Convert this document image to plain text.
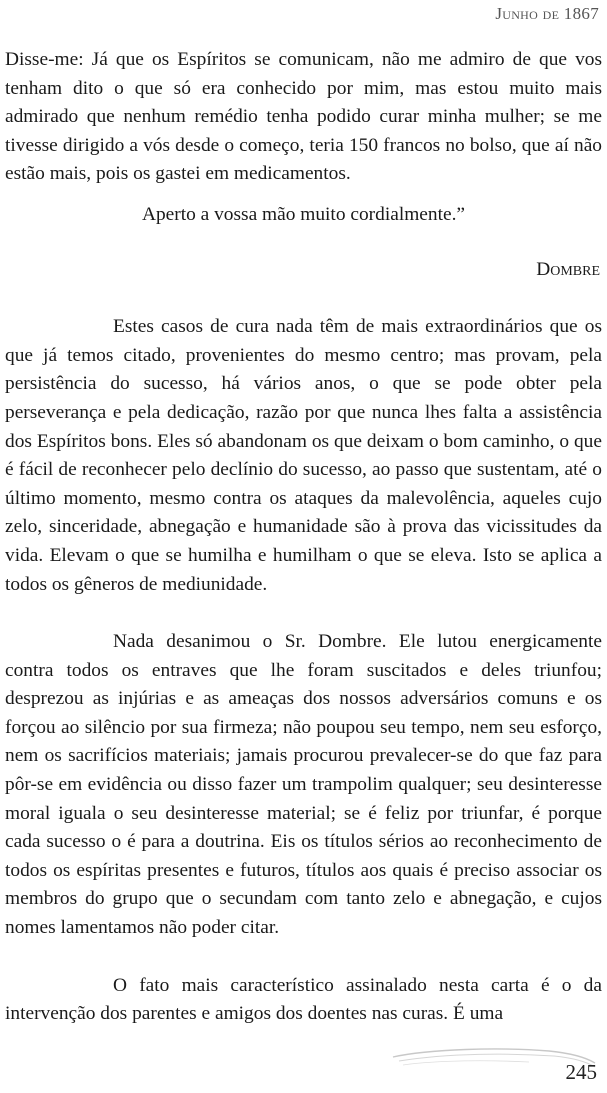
Junho de 1867

Disse-me: Já que os Espíritos se comunicam, não me admiro de que vos tenham dito o que só era conhecido por mim, mas estou muito mais admirado que nenhum remédio tenha podido curar minha mulher; se me tivesse dirigido a vós desde o começo, teria 150 francos no bolso, que aí não estão mais, pois os gastei em medicamentos.

Aperto a vossa mão muito cordialmente.”

Dombre

Estes casos de cura nada têm de mais extraordinários que os que já temos citado, provenientes do mesmo centro; mas provam, pela persistência do sucesso, há vários anos, o que se pode obter pela perseverança e pela dedicação, razão por que nunca lhes falta a assistência dos Espíritos bons. Eles só abandonam os que deixam o bom caminho, o que é fácil de reconhecer pelo declínio do sucesso, ao passo que sustentam, até o último momento, mesmo contra os ataques da malevolência, aqueles cujo zelo, sinceridade, abnegação e humanidade são à prova das vicissitudes da vida. Elevam o que se humilha e humilham o que se eleva. Isto se aplica a todos os gêneros de mediunidade.

Nada desanimou o Sr. Dombre. Ele lutou energicamente contra todos os entraves que lhe foram suscitados e deles triunfou; desprezou as injúrias e as ameaças dos nossos adversários comuns e os forçou ao silêncio por sua firmeza; não poupou seu tempo, nem seu esforço, nem os sacrifícios materiais; jamais procurou prevalecer-se do que faz para pôr-se em evidência ou disso fazer um trampolim qualquer; seu desinteresse moral iguala o seu desinteresse material; se é feliz por triunfar, é porque cada sucesso o é para a doutrina. Eis os títulos sérios ao reconhecimento de todos os espíritas presentes e futuros, títulos aos quais é preciso associar os membros do grupo que o secundam com tanto zelo e abnegação, e cujos nomes lamentamos não poder citar.

O fato mais característico assinalado nesta carta é o da intervenção dos parentes e amigos dos doentes nas curas. É uma

245
